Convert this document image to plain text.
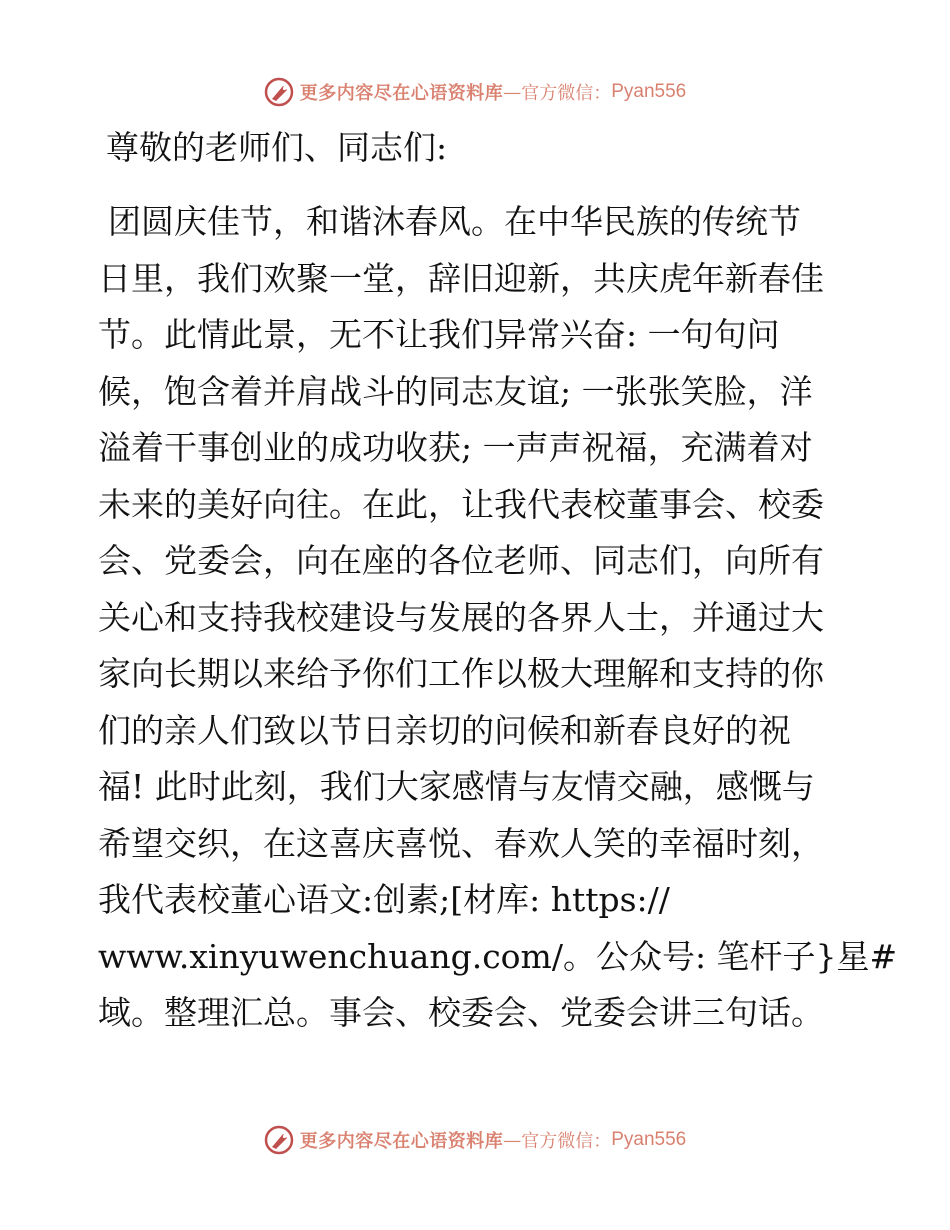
更多内容尽在心语资料库 — 官方微信： Pyan556
尊敬的老师们、同志们:
团圆庆佳节，和谐沐春风。在中华民族的传统节
日里，我们欢聚一堂，辞旧迎新，共庆虎年新春佳
节。此情此景，无不让我们异常兴奋: 一句句问
候，饱含着并肩战斗的同志友谊; 一张张笑脸，洋
溢着干事创业的成功收获; 一声声祝福，充满着对
未来的美好向往。在此，让我代表校董事会、校委
会、党委会，向在座的各位老师、同志们，向所有
关心和支持我校建设与发展的各界人士，并通过大
家向长期以来给予你们工作以极大理解和支持的你
们的亲人们致以节日亲切的问候和新春良好的祝
福! 此时此刻，我们大家感情与友情交融，感慨与
希望交织，在这喜庆喜悦、春欢人笑的幸福时刻，
我代表校董心语文:创素;[材库: https://
www.xinyuwenchuang.com/。公众号: 笔杆子}星#
域。整理汇总。事会、校委会、党委会讲三句话。
更多内容尽在心语资料库 — 官方微信： Pyan556
